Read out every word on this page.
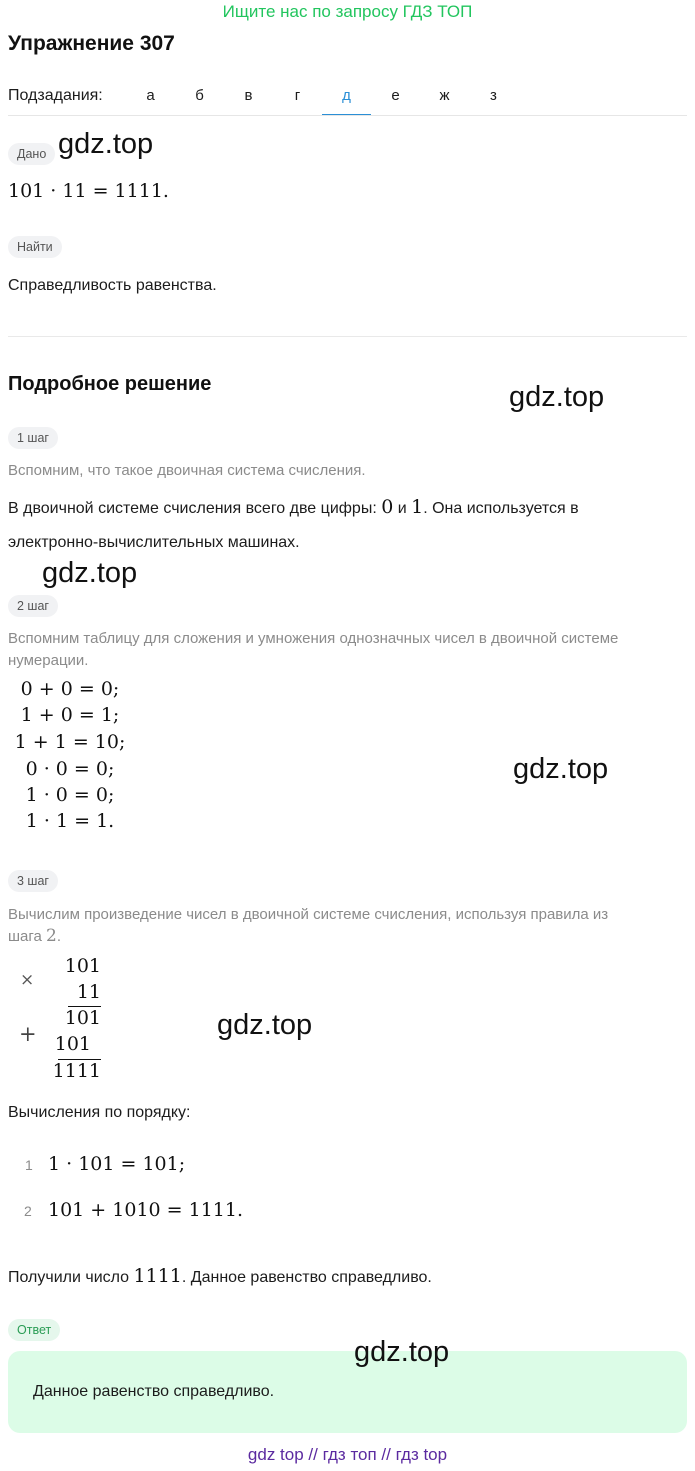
Ищите нас по запросу ГДЗ ТОП
Упражнение 307
Подзадания:	а	б	в	г	д	е	ж	з
Дано gdz.top
101 · 11 = 1111.
Найти
Справедливость равенства.
Подробное решение	gdz.top
1 шаг
Вспомним, что такое двоичная система счисления.
В двоичной системе счисления всего две цифры: 0 и 1. Она используется в
электронно-вычислительных машинах.
gdz.top
2 шаг
Вспомним таблицу для сложения и умножения однозначных чисел в двоичной системе
нумерации.
0 + 0 = 0;
1 + 0 = 1;
1 + 1 = 10;
0 · 0 = 0;
1 · 0 = 0;
1 · 1 = 1.
gdz.top
3 шаг
Вычислим произведение чисел в двоичной системе счисления, используя правила из
шага 2.
×
101
11
101
+ 101
1111
gdz.top
Вычисления по порядку:
1 1 · 101 = 101;
2 101 + 1010 = 1111.
Получили число 1111. Данное равенство справедливо.
Ответ
gdz.top
Данное равенство справедливо.
gdz top // гдз топ // гдз top
